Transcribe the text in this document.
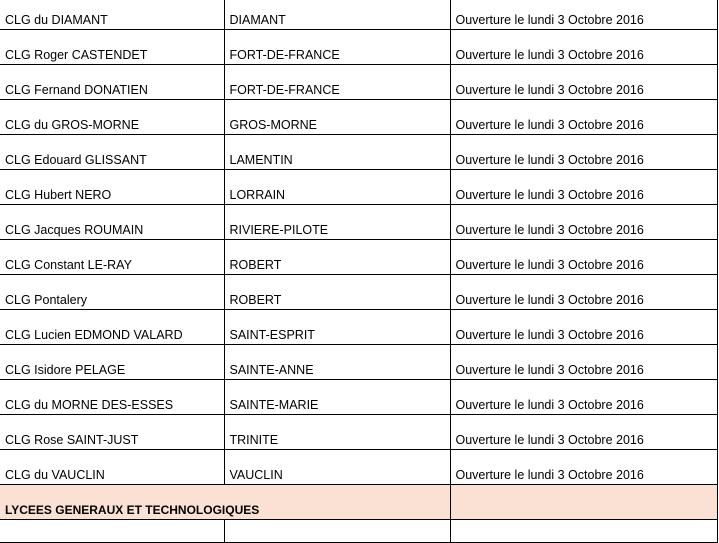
CLG du DIAMANT	DIAMANT	Ouverture le lundi 3 Octobre 2016
CLG Roger CASTENDET	FORT-DE-FRANCE	Ouverture le lundi 3 Octobre 2016
CLG Fernand DONATIEN	FORT-DE-FRANCE	Ouverture le lundi 3 Octobre 2016
CLG du GROS-MORNE	GROS-MORNE	Ouverture le lundi 3 Octobre 2016
CLG Edouard GLISSANT	LAMENTIN	Ouverture le lundi 3 Octobre 2016
CLG Hubert NERO	LORRAIN	Ouverture le lundi 3 Octobre 2016
CLG Jacques ROUMAIN	RIVIERE-PILOTE	Ouverture le lundi 3 Octobre 2016
CLG Constant LE-RAY	ROBERT	Ouverture le lundi 3 Octobre 2016
CLG Pontalery	ROBERT	Ouverture le lundi 3 Octobre 2016
CLG Lucien EDMOND VALARD	SAINT-ESPRIT	Ouverture le lundi 3 Octobre 2016
CLG Isidore PELAGE	SAINTE-ANNE	Ouverture le lundi 3 Octobre 2016
CLG du MORNE DES-ESSES	SAINTE-MARIE	Ouverture le lundi 3 Octobre 2016
CLG Rose SAINT-JUST	TRINITE	Ouverture le lundi 3 Octobre 2016
CLG du VAUCLIN	VAUCLIN	Ouverture le lundi 3 Octobre 2016
LYCEES GENERAUX ET TECHNOLOGIQUES		
